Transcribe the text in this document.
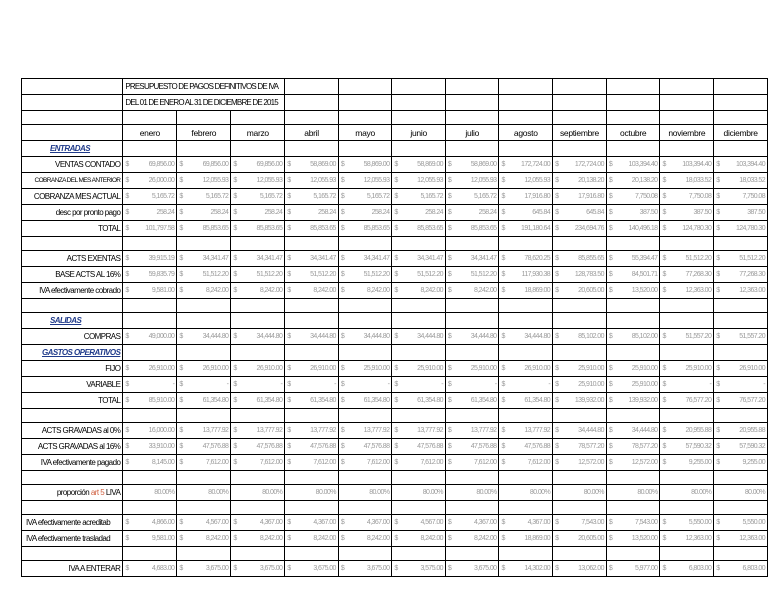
	PRESUPUESTO DE PAGOS DEFINITIVOS DE IVA											
	DEL 01 DE ENERO AL 31 DE DICIEMBRE DE 2015											

	enero	febrero	marzo	abril	mayo	junio	julio	agosto	septiembre	octubre	noviembre	diciembre
ENTRADAS												
VENTAS CONTADO	$ 69,856.00	$ 69,856.00	$ 69,856.00	$ 58,869.00	$ 58,869.00	$ 58,869.00	$ 58,869.00	$ 172,724.00	$ 172,724.00	$ 103,394.40	$ 103,394.40	$ 103,394.40

COBRANZA DEL MES ANTERIOR	$ 26,000.00	$ 12,055.93	$ 12,055.93	$ 12,055.93	$ 12,055.93	$ 12,055.93	$ 12,055.93	$ 12,055.93	$ 20,138.20	$ 20,138.20	$ 18,033.52	$ 18,033.52

COBRANZA MES ACTUAL	$ 5,165.72	$ 5,165.72	$ 5,165.72	$ 5,165.72	$ 5,165.72	$ 5,165.72	$ 5,165.72	$ 17,916.80	$ 17,916.80	$ 7,750.08	$ 7,750.08	$ 7,750.08

desc por pronto pago	$ 258.24	$ 258.24	$ 258.24	$ 258.24	$ 258.24	$ 258.24	$ 258.24	$ 645.84	$ 645.84	$ 387.50	$ 387.50	$ 387.50

TOTAL	$ 101,797.58	$ 85,853.65	$ 85,853.65	$ 85,853.65	$ 85,853.65	$ 85,853.65	$ 85,853.65	$ 191,180.64	$ 234,694.76	$ 140,496.18	$ 124,780.30	$ 124,780.30

ACTS EXENTAS	$ 39,915.19	$ 34,341.47	$ 34,341.47	$ 34,341.47	$ 34,341.47	$ 34,341.47	$ 34,341.47	$ 78,620.25	$ 85,855.65	$ 55,394.47	$ 51,512.20	$ 51,512.20

BASE ACTS AL 16%	$ 59,835.79	$ 51,512.20	$ 51,512.20	$ 51,512.20	$ 51,512.20	$ 51,512.20	$ 51,512.20	$ 117,930.38	$ 128,783.50	$ 84,501.71	$ 77,268.30	$ 77,268.30

IVA efectivamente cobrado	$ 9,581.00	$ 8,242.00	$ 8,242.00	$ 8,242.00	$ 8,242.00	$ 8,242.00	$ 8,242.00	$ 18,869.00	$ 20,605.00	$ 13,520.00	$ 12,363.00	$ 12,363.00

SALIDAS												
COMPRAS	$ 49,000.00	$ 34,444.80	$ 34,444.80	$ 34,444.80	$ 34,444.80	$ 34,444.80	$ 34,444.80	$ 34,444.80	$ 85,102.00	$ 85,102.00	$ 51,557.20	$ 51,557.20

GASTOS OPERATIVOS												
FIJO	$ 26,910.00	$ 26,910.00	$ 26,910.00	$ 26,910.00	$ 25,910.00	$ 25,910.00	$ 25,910.00	$ 26,910.00	$ 25,910.00	$ 25,910.00	$ 25,910.00	$ 26,910.00

VARIABLE	$ -	$ -	$ -	$ -	$ -	$ -	$ -	$ -	$ 25,910.00	$ 25,910.00	$ -	$ -

TOTAL	$ 85,910.00	$ 61,354.80	$ 61,354.80	$ 61,354.80	$ 61,354.80	$ 61,354.80	$ 61,354.80	$ 61,354.80	$ 139,932.00	$ 139,932.00	$ 76,577.20	$ 76,577.20

ACTS GRAVADAS al 0%	$ 16,000.00	$ 13,777.92	$ 13,777.92	$ 13,777.92	$ 13,777.92	$ 13,777.92	$ 13,777.92	$ 13,777.92	$ 34,444.80	$ 34,444.80	$ 20,955.88	$ 20,955.88

ACTS GRAVADAS al 16%	$ 33,910.00	$ 47,576.88	$ 47,576.88	$ 47,576.88	$ 47,576.88	$ 47,576.88	$ 47,576.88	$ 47,576.88	$ 78,577.20	$ 78,577.20	$ 57,590.32	$ 57,590.32

IVA efectivamente pagado	$ 8,145.00	$ 7,612.00	$ 7,612.00	$ 7,612.00	$ 7,612.00	$ 7,612.00	$ 7,612.00	$ 7,612.00	$ 12,572.00	$ 12,572.00	$ 9,255.00	$ 9,255.00

proporción art 5 LIVA	80.00%	80.00%	80.00%	80.00%	80.00%	80.00%	80.00%	80.00%	80.00%	80.00%	80.00%	80.00%

IVA efectivamente acreditab	$ 4,866.00	$ 4,567.00	$ 4,367.00	$ 4,367.00	$ 4,367.00	$ 4,567.00	$ 4,367.00	$ 4,367.00	$ 7,543.00	$ 7,543.00	$ 5,550.00	$ 5,550.00

IVA efectivamente trasladad	$ 9,581.00	$ 8,242.00	$ 8,242.00	$ 8,242.00	$ 8,242.00	$ 8,242.00	$ 8,242.00	$ 18,869.00	$ 20,605.00	$ 13,520.00	$ 12,363.00	$ 12,363.00

IVA A ENTERAR	$ 4,683.00	$ 3,675.00	$ 3,675.00	$ 3,675.00	$ 3,675.00	$ 3,575.00	$ 3,675.00	$ 14,302.00	$ 13,062.00	$ 5,977.00	$ 6,803.00	$ 6,803.00
